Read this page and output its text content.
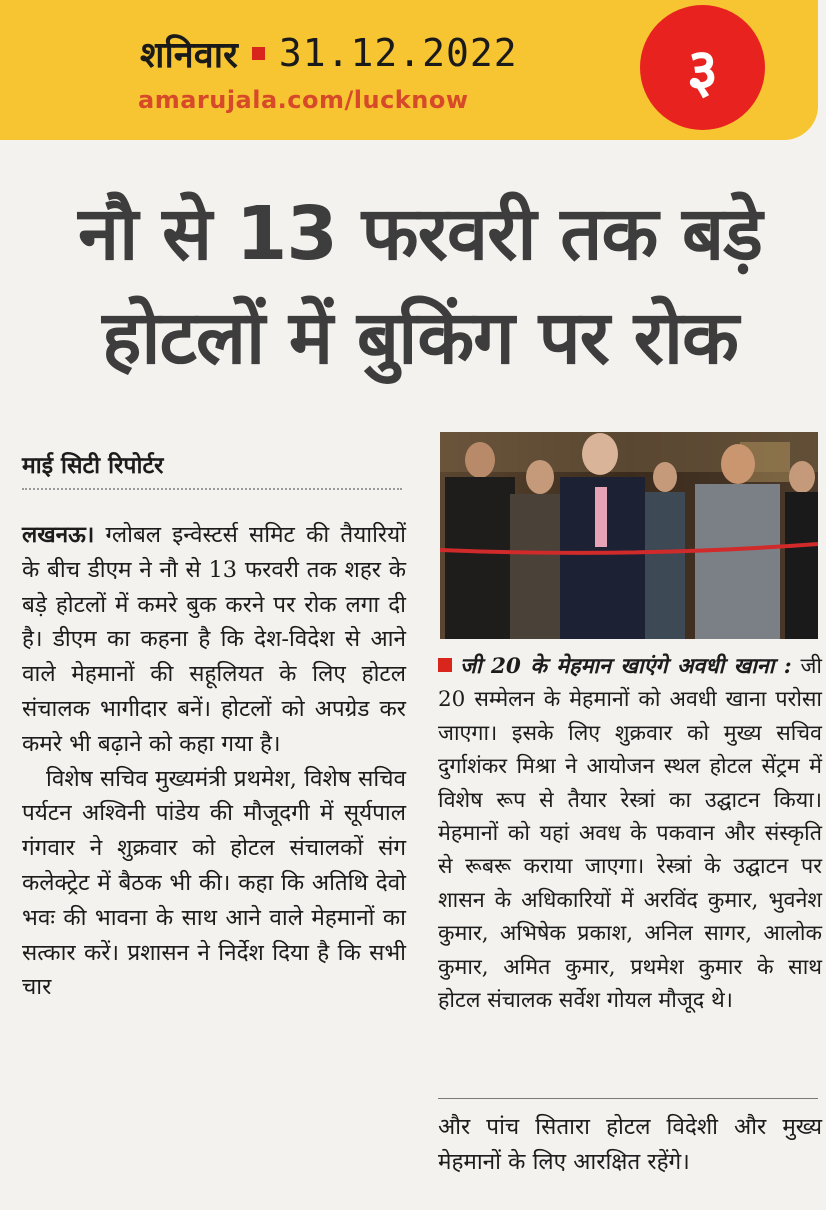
शनिवार 31.12.2022
amarujala.com/lucknow	३
नौ से 13 फरवरी तक बड़े
होटलों में बुकिंग पर रोक
माई सिटी रिपोर्टर

लखनऊ। ग्लोबल इन्वेस्टर्स समिट की तैयारियों के बीच डीएम ने नौ से 13 फरवरी तक शहर के बड़े होटलों में कमरे बुक करने पर रोक लगा दी है। डीएम का कहना है कि देश-विदेश से आने वाले मेहमानों की सहूलियत के लिए होटल संचालक भागीदार बनें। होटलों को अपग्रेड कर कमरे भी बढ़ाने को कहा गया है।

विशेष सचिव मुख्यमंत्री प्रथमेश, विशेष सचिव पर्यटन अश्विनी पांडेय की मौजूदगी में सूर्यपाल गंगवार ने शुक्रवार को होटल संचालकों संग कलेक्ट्रेट में बैठक भी की। कहा कि अतिथि देवो भवः की भावना के साथ आने वाले मेहमानों का सत्कार करें। प्रशासन ने निर्देश दिया है कि सभी चार

जी 20 के मेहमान खाएंगे अवधी खाना : जी 20 सम्मेलन के मेहमानों को अवधी खाना परोसा जाएगा। इसके लिए शुक्रवार को मुख्य सचिव दुर्गाशंकर मिश्रा ने आयोजन स्थल होटल सेंट्रम में विशेष रूप से तैयार रेस्त्रां का उद्घाटन किया। मेहमानों को यहां अवध के पकवान और संस्कृति से रूबरू कराया जाएगा। रेस्त्रां के उद्घाटन पर शासन के अधिकारियों में अरविंद कुमार, भुवनेश कुमार, अभिषेक प्रकाश, अनिल सागर, आलोक कुमार, अमित कुमार, प्रथमेश कुमार के साथ होटल संचालक सर्वेश गोयल मौजूद थे।

और पांच सितारा होटल विदेशी और मुख्य मेहमानों के लिए आरक्षित रहेंगे।
